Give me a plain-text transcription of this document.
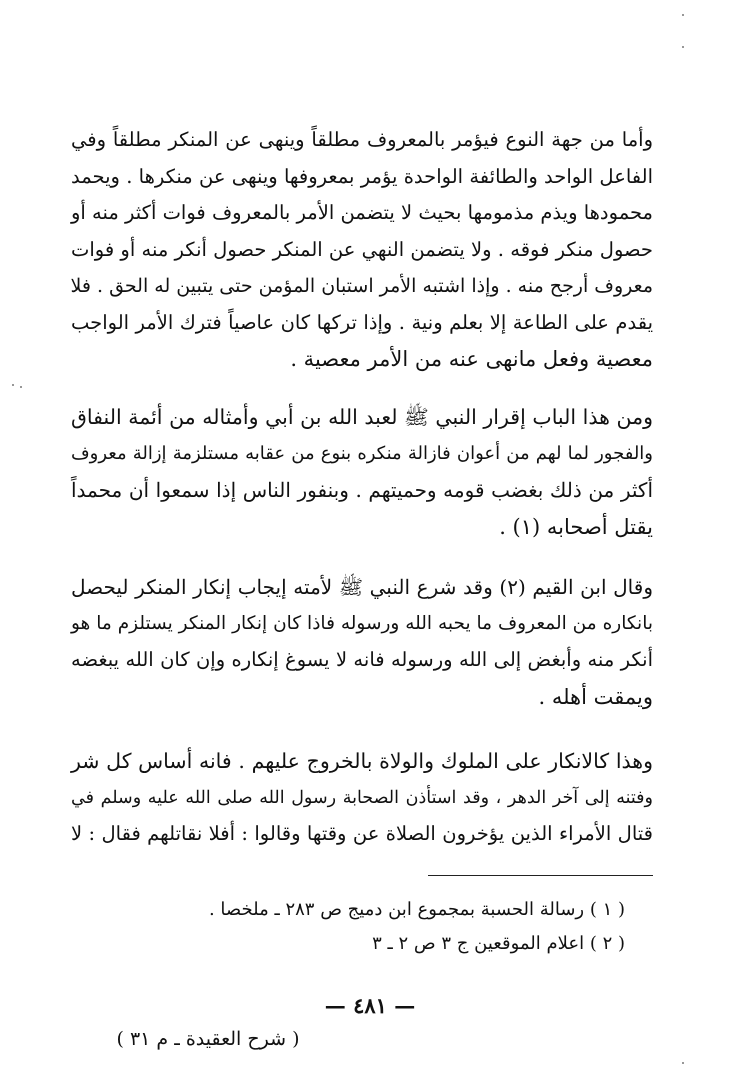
وأما من جهة النوع فيؤمر بالمعروف مطلقاً وينهى عن المنكر مطلقاً وفي
الفاعل الواحد والطائفة الواحدة يؤمر بمعروفها وينهى عن منكرها . ويحمد
محمودها ويذم مذمومها بحيث لا يتضمن الأمر بالمعروف فوات أكثر منه أو
حصول منكر فوقه . ولا يتضمن النهي عن المنكر حصول أنكر منه أو فوات
معروف أرجح منه . وإذا اشتبه الأمر استبان المؤمن حتى يتبين له الحق . فلا
يقدم على الطاعة إلا بعلم ونية . وإذا تركها كان عاصياً فترك الأمر الواجب
معصية وفعل مانهى عنه من الأمر معصية .
ومن هذا الباب إقرار النبي ﷺ لعبد الله بن أبي وأمثاله من أئمة النفاق
والفجور لما لهم من أعوان فازالة منكره بنوع من عقابه مستلزمة إزالة معروف
أكثر من ذلك بغضب قومه وحميتهم . وبنفور الناس إذا سمعوا أن محمداً
يقتل أصحابه (١) .
وقال ابن القيم (٢) وقد شرع النبي ﷺ لأمته إيجاب إنكار المنكر ليحصل
بانكاره من المعروف ما يحبه الله ورسوله فاذا كان إنكار المنكر يستلزم ما هو
أنكر منه وأبغض إلى الله ورسوله فانه لا يسوغ إنكاره وإن كان الله يبغضه
ويمقت أهله .
وهذا كالانكار على الملوك والولاة بالخروج عليهم . فانه أساس كل شر
وفتنه إلى آخر الدهر ، وقد استأذن الصحابة رسول الله صلى الله عليه وسلم في
قتال الأمراء الذين يؤخرون الصلاة عن وقتها وقالوا : أفلا نقاتلهم فقال : لا
( ١ ) رسالة الحسبة بمجموع ابن دميج ص ٢٨٣ ـ ملخصا .
( ٢ ) اعلام الموقعين ج ٣ ص ٢ ـ ٣
— ٤٨١ —
( شرح العقيدة ـ م ٣١ )
